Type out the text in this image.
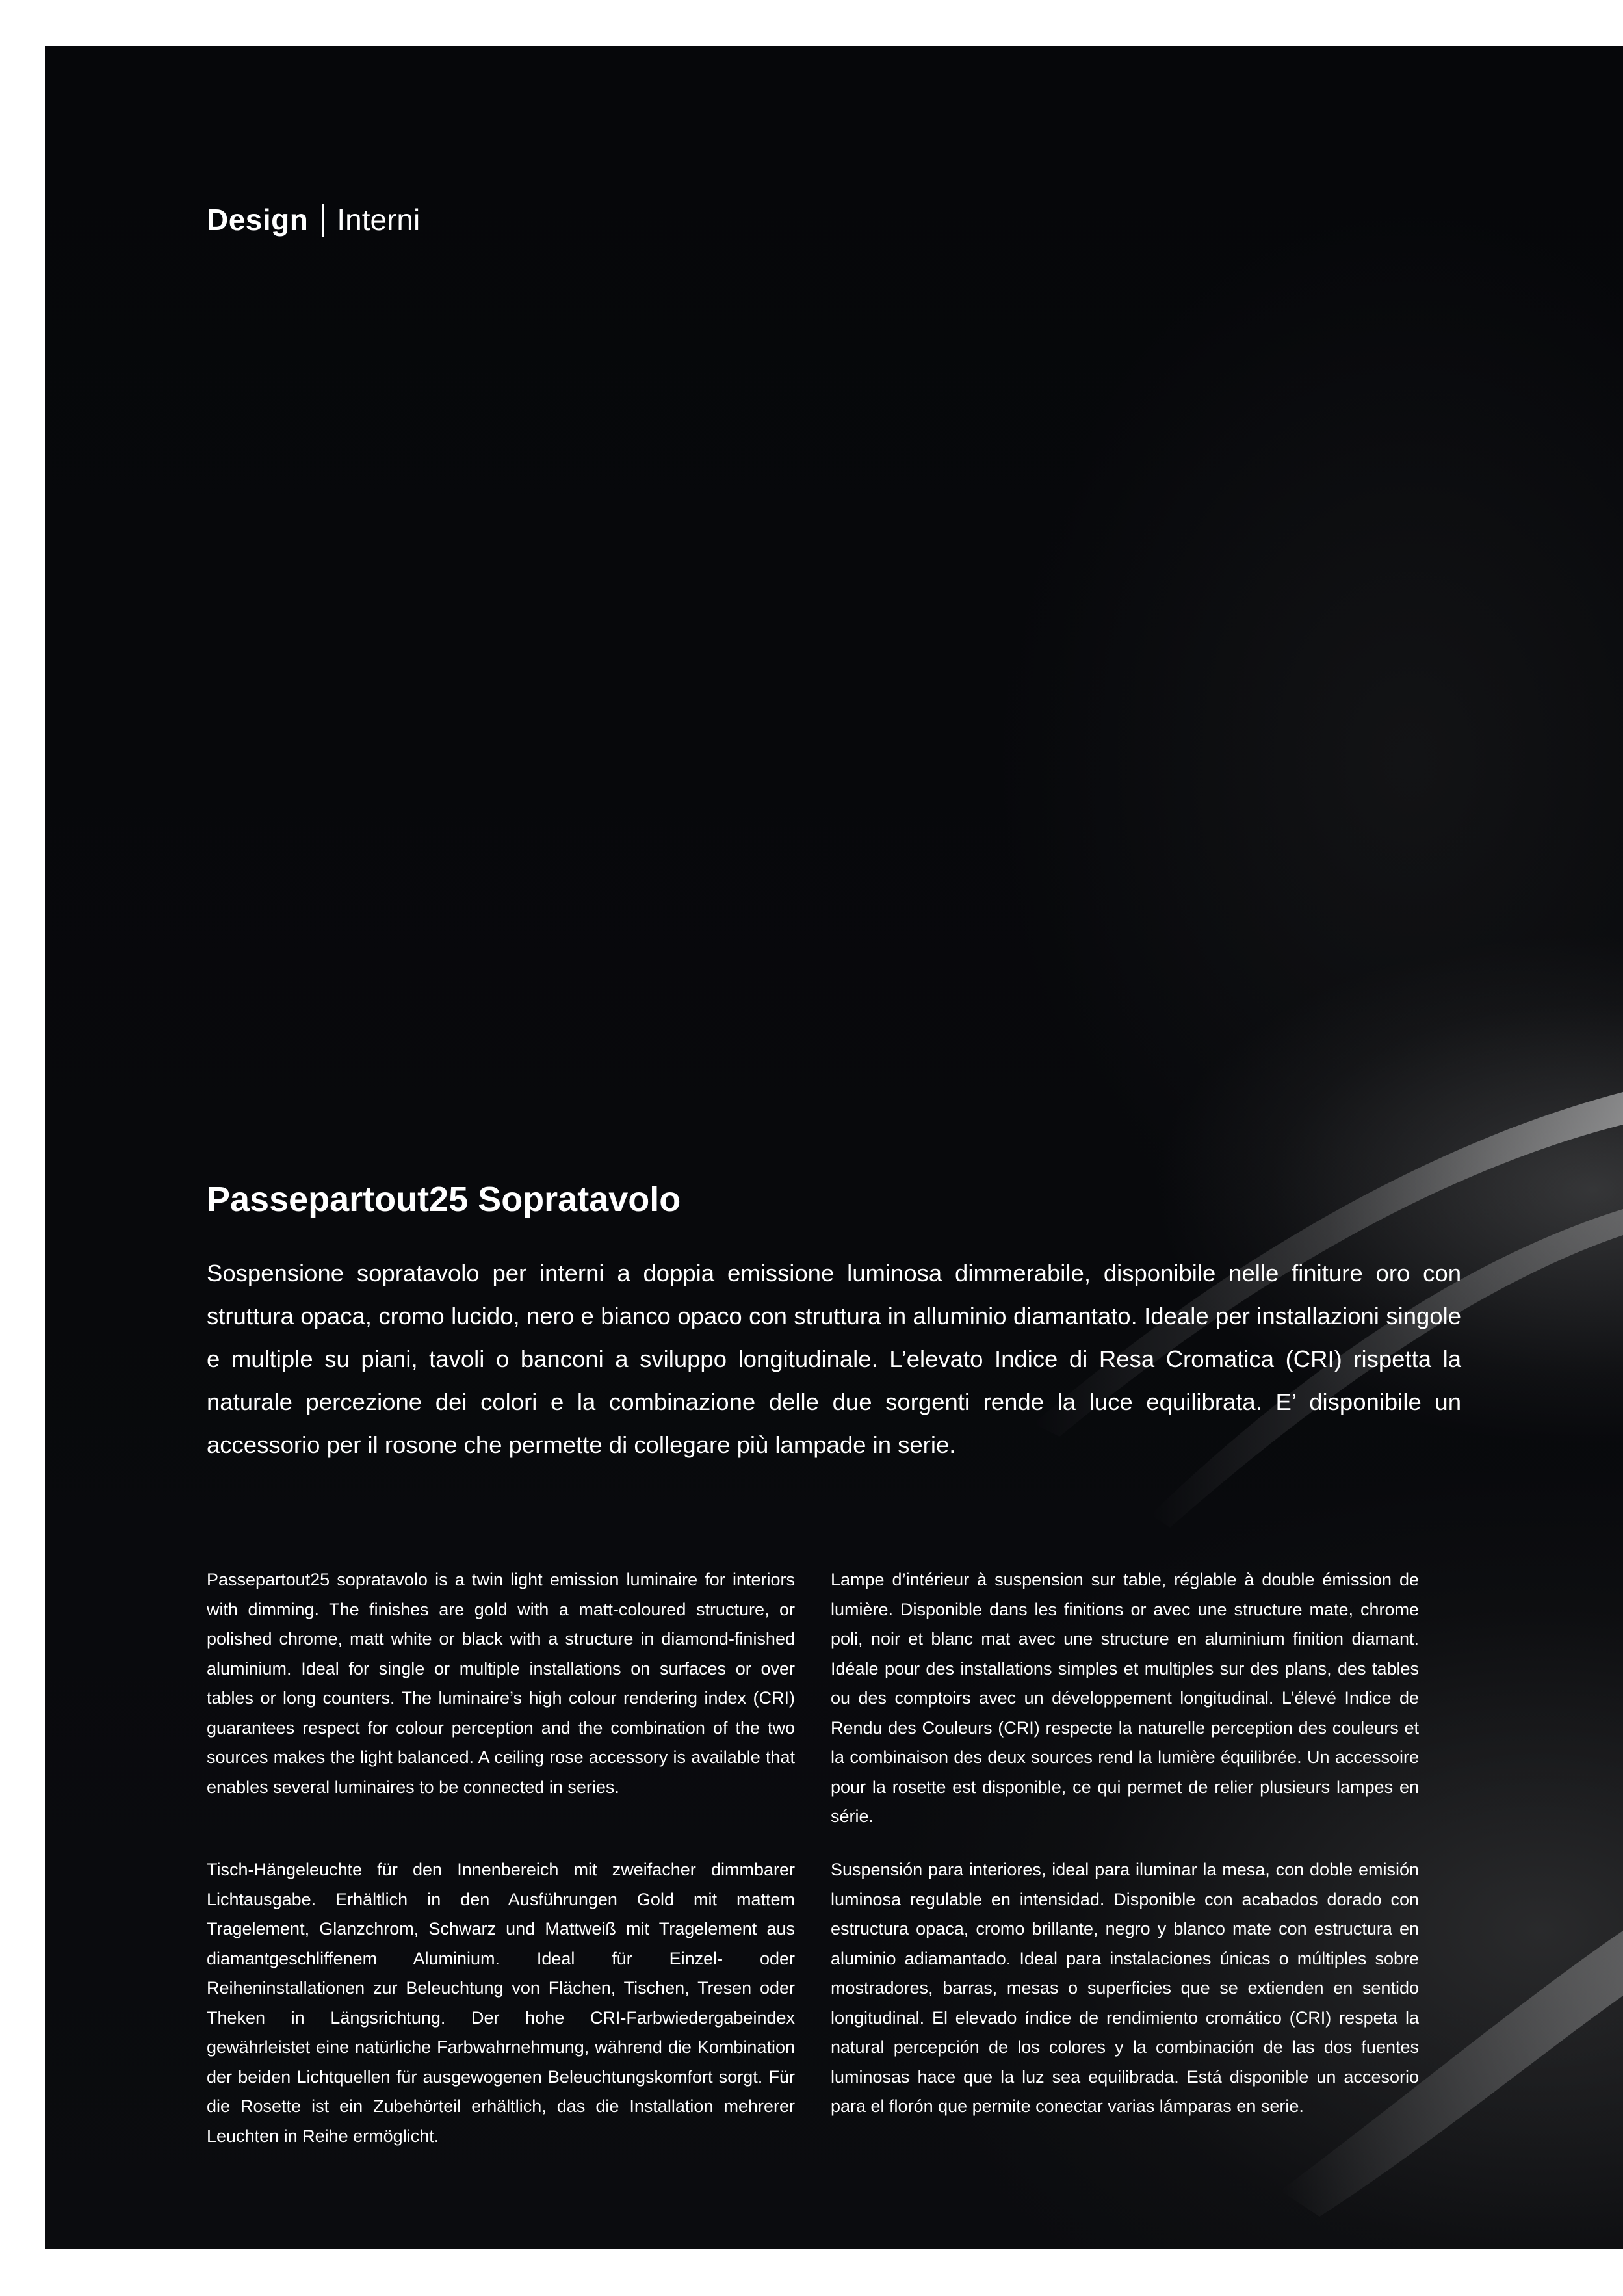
Design Interni
Passepartout25 Sopratavolo
Sospensione sopratavolo per interni a doppia emissione luminosa dimmerabile, disponibile nelle finiture oro con struttura opaca, cromo lucido, nero e bianco opaco con struttura in alluminio diamantato. Ideale per installazioni singole e multiple su piani, tavoli o banconi a sviluppo longitudinale. L’elevato Indice di Resa Cromatica (CRI) rispetta la naturale percezione dei colori e la combinazione delle due sorgenti rende la luce equilibrata. E’ disponibile un accessorio per il rosone che permette di collegare più lampade in serie.
Passepartout25 sopratavolo is a twin light emission luminaire for interiors with dimming. The finishes are gold with a matt-coloured structure, or polished chrome, matt white or black with a structure in diamond-finished aluminium. Ideal for single or multiple installations on surfaces or over tables or long counters. The luminaire’s high colour rendering index (CRI) guarantees respect for colour perception and the combination of the two sources makes the light balanced. A ceiling rose accessory is available that enables several luminaires to be connected in series.
Lampe d’intérieur à suspension sur table, réglable à double émission de lumière. Disponible dans les finitions or avec une structure mate, chrome poli, noir et blanc mat avec une structure en aluminium finition diamant. Idéale pour des installations simples et multiples sur des plans, des tables ou des comptoirs avec un développement longitudinal. L’élevé Indice de Rendu des Couleurs (CRI) respecte la naturelle perception des couleurs et la combinaison des deux sources rend la lumière équilibrée. Un accessoire pour la rosette est disponible, ce qui permet de relier plusieurs lampes en série.
Tisch-Hängeleuchte für den Innenbereich mit zweifacher dimmbarer Lichtausgabe. Erhältlich in den Ausführungen Gold mit mattem Tragelement, Glanzchrom, Schwarz und Mattweiß mit Tragelement aus diamantgeschliffenem Aluminium. Ideal für Einzel- oder Reiheninstallationen zur Beleuchtung von Flächen, Tischen, Tresen oder Theken in Längsrichtung. Der hohe CRI-Farbwiedergabeindex gewährleistet eine natürliche Farbwahrnehmung, während die Kombination der beiden Lichtquellen für ausgewogenen Beleuchtungskomfort sorgt. Für die Rosette ist ein Zubehörteil erhältlich, das die Installation mehrerer Leuchten in Reihe ermöglicht.
Suspensión para interiores, ideal para iluminar la mesa, con doble emisión luminosa regulable en intensidad. Disponible con acabados dorado con estructura opaca, cromo brillante, negro y blanco mate con estructura en aluminio adiamantado. Ideal para instalaciones únicas o múltiples sobre mostradores, barras, mesas o superficies que se extienden en sentido longitudinal. El elevado índice de rendimiento cromático (CRI) respeta la natural percepción de los colores y la combinación de las dos fuentes luminosas hace que la luz sea equilibrada. Está disponible un accesorio para el florón que permite conectar varias lámparas en serie.
